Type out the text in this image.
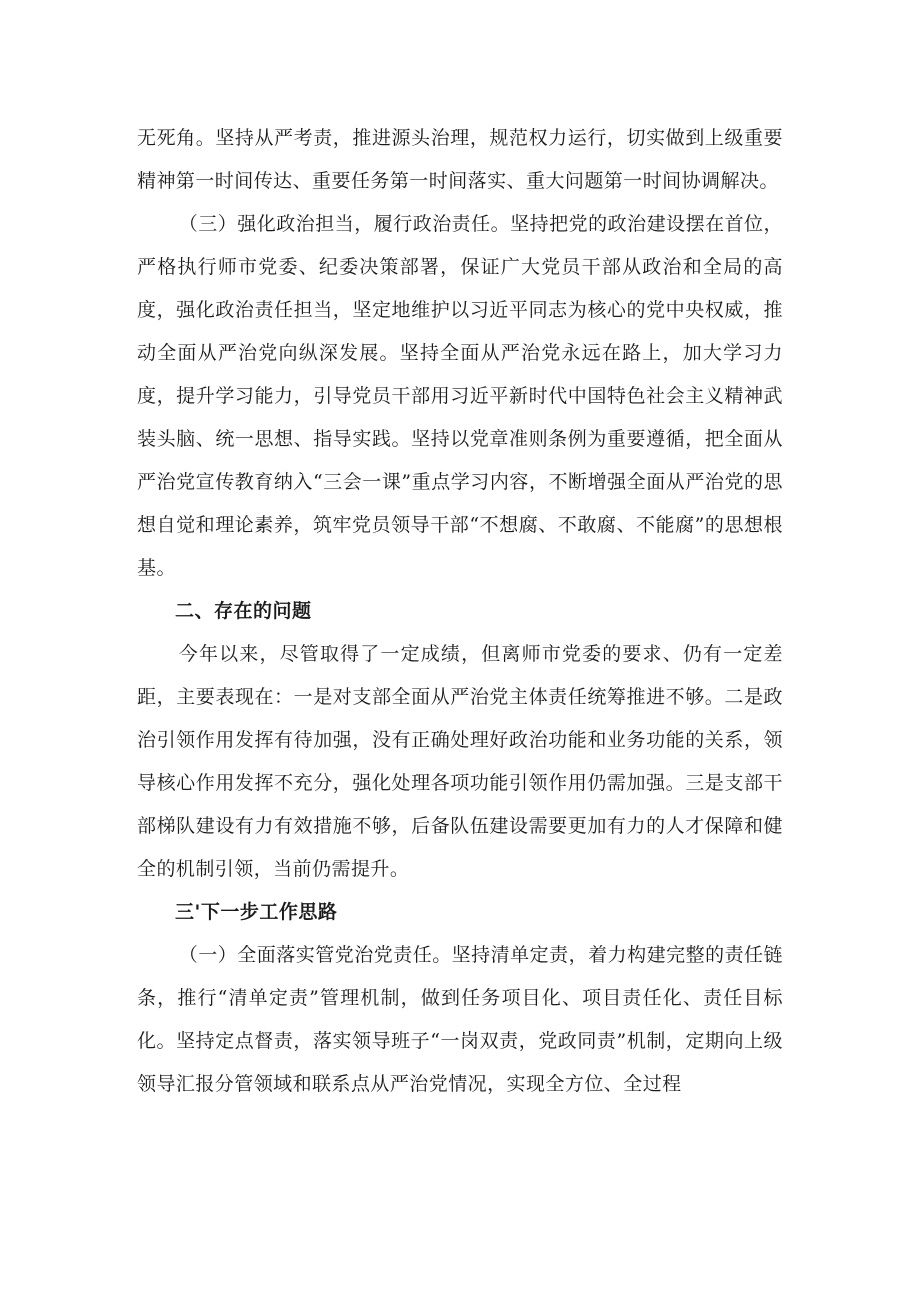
无死角。坚持从严考责，推进源头治理，规范权力运行，切实做到上级重要精神第一时间传达、重要任务第一时间落实、重大问题第一时间协调解决。

（三）强化政治担当，履行政治责任。坚持把党的政治建设摆在首位，严格执行师市党委、纪委决策部署，保证广大党员干部从政治和全局的高度，强化政治责任担当，坚定地维护以习近平同志为核心的党中央权威，推动全面从严治党向纵深发展。坚持全面从严治党永远在路上，加大学习力度，提升学习能力，引导党员干部用习近平新时代中国特色社会主义精神武装头脑、统一思想、指导实践。坚持以党章准则条例为重要遵循，把全面从严治党宣传教育纳入“三会一课”重点学习内容，不断增强全面从严治党的思想自觉和理论素养，筑牢党员领导干部“不想腐、不敢腐、不能腐”的思想根基。

二、存在的问题

今年以来，尽管取得了一定成绩，但离师市党委的要求、仍有一定差距，主要表现在：一是对支部全面从严治党主体责任统筹推进不够。二是政治引领作用发挥有待加强，没有正确处理好政治功能和业务功能的关系，领导核心作用发挥不充分，强化处理各项功能引领作用仍需加强。三是支部干部梯队建设有力有效措施不够，后备队伍建设需要更加有力的人才保障和健全的机制引领，当前仍需提升。

三'下一步工作思路

（一）全面落实管党治党责任。坚持清单定责，着力构建完整的责任链条，推行“清单定责”管理机制，做到任务项目化、项目责任化、责任目标化。坚持定点督责，落实领导班子“一岗双责，党政同责”机制，定期向上级领导汇报分管领域和联系点从严治党情况，实现全方位、全过程
